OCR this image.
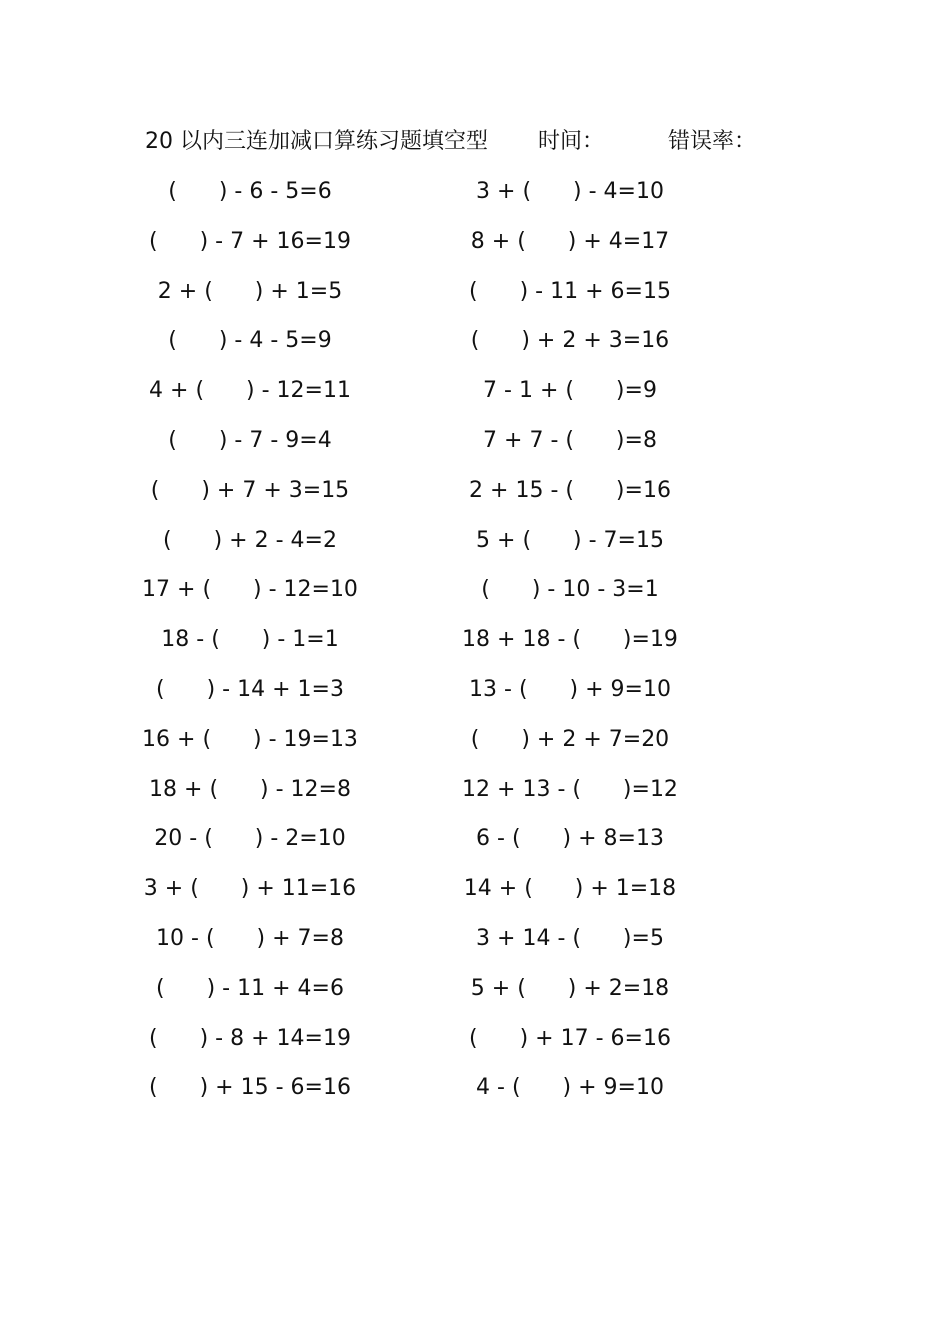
20 以内三连加减口算练习题填空型 时间：	错误率：
(      ) - 6 - 5=6	3 + (      ) - 4=10
(      ) - 7 + 16=19	8 + (      ) + 4=17
2 + (      ) + 1=5	(      ) - 11 + 6=15
(      ) - 4 - 5=9	(      ) + 2 + 3=16
4 + (      ) - 12=11	7 - 1 + (      )=9
(      ) - 7 - 9=4	7 + 7 - (      )=8
(      ) + 7 + 3=15	2 + 15 - (      )=16
(      ) + 2 - 4=2	5 + (      ) - 7=15
17 + (      ) - 12=10	(      ) - 10 - 3=1
18 - (      ) - 1=1	18 + 18 - (      )=19
(      ) - 14 + 1=3	13 - (      ) + 9=10
16 + (      ) - 19=13	(      ) + 2 + 7=20
18 + (      ) - 12=8	12 + 13 - (      )=12
20 - (      ) - 2=10	6 - (      ) + 8=13
3 + (      ) + 11=16	14 + (      ) + 1=18
10 - (      ) + 7=8	3 + 14 - (      )=5
(      ) - 11 + 4=6	5 + (      ) + 2=18
(      ) - 8 + 14=19	(      ) + 17 - 6=16
(      ) + 15 - 6=16	4 - (      ) + 9=10
